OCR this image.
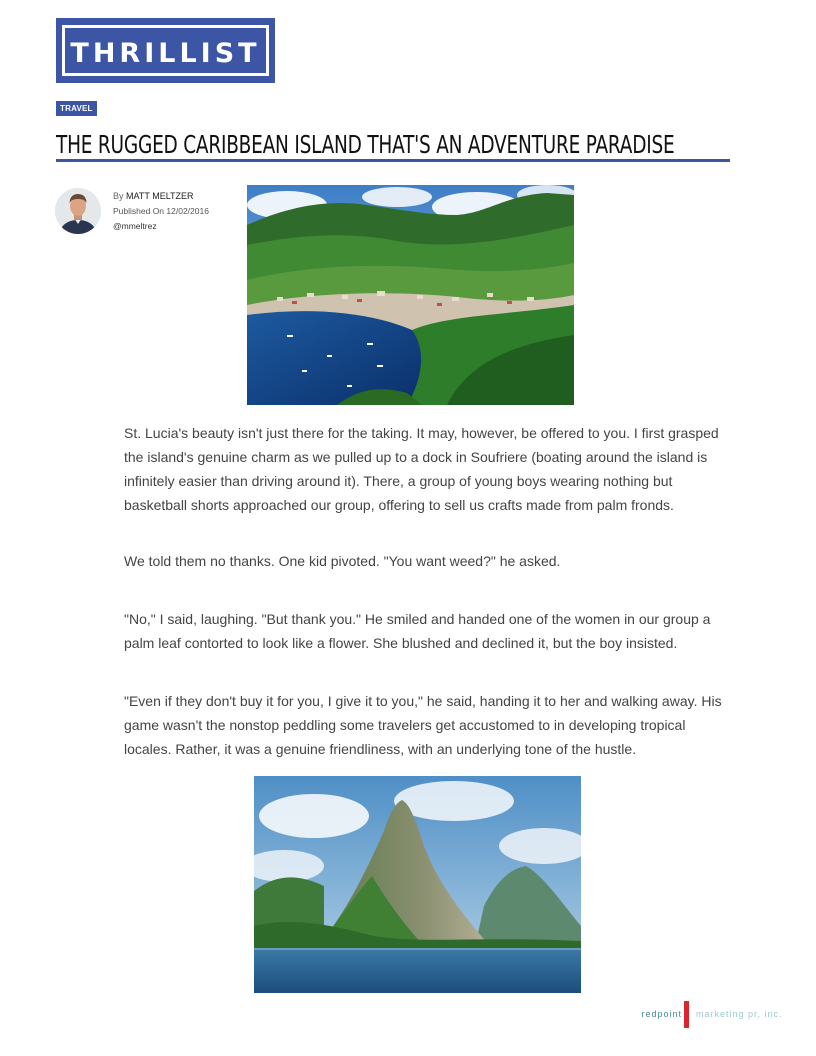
THRILLIST
TRAVEL
THE RUGGED CARIBBEAN ISLAND THAT'S AN ADVENTURE PARADISE
By MATT MELTZER
Published On 12/02/2016
@mmeltrez

St. Lucia's beauty isn't just there for the taking. It may, however, be offered to you. I first grasped the island's genuine charm as we pulled up to a dock in Soufriere (boating around the island is infinitely easier than driving around it). There, a group of young boys wearing nothing but basketball shorts approached our group, offering to sell us crafts made from palm fronds.

We told them no thanks. One kid pivoted. "You want weed?" he asked.

"No," I said, laughing. "But thank you." He smiled and handed one of the women in our group a palm leaf contorted to look like a flower. She blushed and declined it, but the boy insisted.

"Even if they don't buy it for you, I give it to you," he said, handing it to her and walking away. His game wasn't the nonstop peddling some travelers get accustomed to in developing tropical locales. Rather, it was a genuine friendliness, with an underlying tone of the hustle.

redpoint marketing pr, inc.
